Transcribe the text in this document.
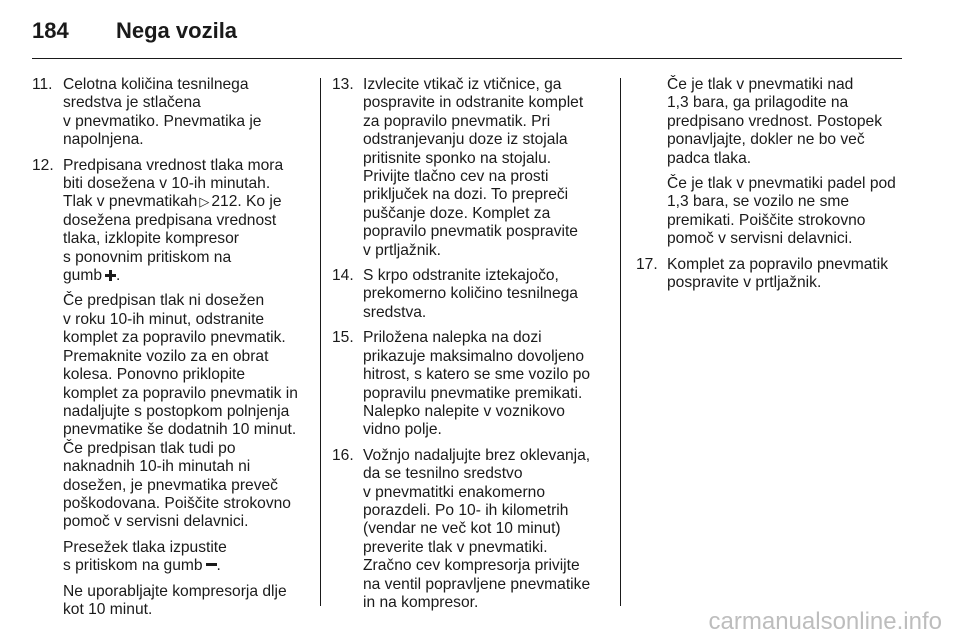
184 Nega vozila
11. Celotna količina tesnilnega
sredstva je stlačena
v pnevmatiko. Pnevmatika je
napolnjena.
12. Predpisana vrednost tlaka mora
biti dosežena v 10-ih minutah.
Tlak v pnevmatikah ▷ 212. Ko je
dosežena predpisana vrednost
tlaka, izklopite kompresor
s ponovnim pritiskom na
gumb .
Če predpisan tlak ni dosežen
v roku 10-ih minut, odstranite
komplet za popravilo pnevmatik.
Premaknite vozilo za en obrat
kolesa. Ponovno priklopite
komplet za popravilo pnevmatik in
nadaljujte s postopkom polnjenja
pnevmatike še dodatnih 10 minut.
Če predpisan tlak tudi po
naknadnih 10-ih minutah ni
dosežen, je pnevmatika preveč
poškodovana. Poiščite strokovno
pomoč v servisni delavnici.
Presežek tlaka izpustite
s pritiskom na gumb .
Ne uporabljajte kompresorja dlje
kot 10 minut.
13. Izvlecite vtikač iz vtičnice, ga
pospravite in odstranite komplet
za popravilo pnevmatik. Pri
odstranjevanju doze iz stojala
pritisnite sponko na stojalu.
Privijte tlačno cev na prosti
priključek na dozi. To prepreči
puščanje doze. Komplet za
popravilo pnevmatik pospravite
v prtljažnik.
14. S krpo odstranite iztekajočo,
prekomerno količino tesnilnega
sredstva.
15. Priložena nalepka na dozi
prikazuje maksimalno dovoljeno
hitrost, s katero se sme vozilo po
popravilu pnevmatike premikati.
Nalepko nalepite v voznikovo
vidno polje.
16. Vožnjo nadaljujte brez oklevanja,
da se tesnilno sredstvo
v pnevmatitki enakomerno
porazdeli. Po 10- ih kilometrih
(vendar ne več kot 10 minut)
preverite tlak v pnevmatiki.
Zračno cev kompresorja privijte
na ventil popravljene pnevmatike
in na kompresor.
Če je tlak v pnevmatiki nad
1,3 bara, ga prilagodite na
predpisano vrednost. Postopek
ponavljajte, dokler ne bo več
padca tlaka.
Če je tlak v pnevmatiki padel pod
1,3 bara, se vozilo ne sme
premikati. Poiščite strokovno
pomoč v servisni delavnici.
17. Komplet za popravilo pnevmatik
pospravite v prtljažnik.
carmanualsonline.info
